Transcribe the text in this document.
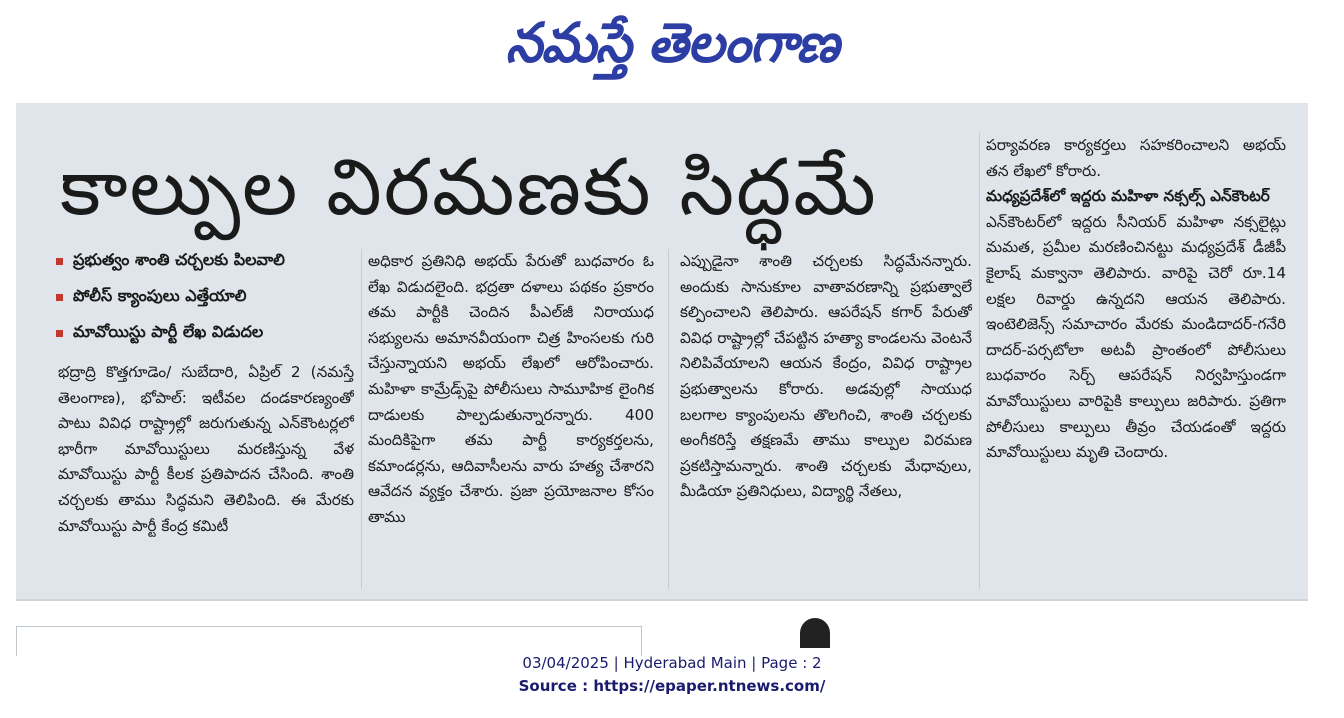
నమస్తే తెలంగాణ
కాల్పుల విరమణకు సిద్ధమే
ప్రభుత్వం శాంతి చర్చలకు పిలవాలి
పోలీస్ క్యాంపులు ఎత్తేయాలి
మావోయిస్టు పార్టీ లేఖ విడుదల

భద్రాద్రి కొత్తగూడెం/ సుబేదారి, ఏప్రిల్ 2 (నమస్తే తెలంగాణ), భోపాల్: ఇటీవల దండకారణ్యంతో పాటు వివిధ రాష్ట్రాల్లో జరుగుతున్న ఎన్‌కౌంటర్లలో భారీగా మావోయిస్టులు మరణిస్తున్న వేళ మావోయిస్టు పార్టీ కీలక ప్రతిపాదన చేసింది. శాంతి చర్చలకు తాము సిద్ధమని తెలిపింది. ఈ మేరకు మావోయిస్టు పార్టీ కేంద్ర కమిటీ

అధికార ప్రతినిధి అభయ్ పేరుతో బుధవారం ఓ లేఖ విడుదలైంది. భద్రతా దళాలు పథకం ప్రకారం తమ పార్టీకి చెందిన పీఎల్‌జీ నిరాయుధ సభ్యులను అమానవీయంగా చిత్ర హింసలకు గురి చేస్తున్నాయని అభయ్ లేఖలో ఆరోపించారు. మహిళా కామ్రేడ్స్‌పై పోలీసులు సామూహిక లైంగిక దాడులకు పాల్పడుతున్నారన్నారు. 400 మందికిపైగా తమ పార్టీ కార్యకర్తలను, కమాండర్లను, ఆదివాసీలను వారు హత్య చేశారని ఆవేదన వ్యక్తం చేశారు. ప్రజా ప్రయోజనాల కోసం తాము

ఎప్పుడైనా శాంతి చర్చలకు సిద్ధమేనన్నారు. అందుకు సానుకూల వాతావరణాన్ని ప్రభుత్వాలే కల్పించాలని తెలిపారు. ఆపరేషన్ కగార్ పేరుతో వివిధ రాష్ట్రాల్లో చేపట్టిన హత్యా కాండలను వెంటనే నిలిపివేయాలని ఆయన కేంద్రం, వివిధ రాష్ట్రాల ప్రభుత్వాలను కోరారు. అడవుల్లో సాయుధ బలగాల క్యాంపులను తొలగించి, శాంతి చర్చలకు అంగీకరిస్తే తక్షణమే తాము కాల్పుల విరమణ ప్రకటిస్తామన్నారు. శాంతి చర్చలకు మేధావులు, మీడియా ప్రతినిధులు, విద్యార్థి నేతలు,

పర్యావరణ కార్యకర్తలు సహకరించాలని అభయ్ తన లేఖలో కోరారు.

మధ్యప్రదేశ్‌లో ఇద్దరు మహిళా నక్సల్స్ ఎన్‌కౌంటర్

ఎన్‌కౌంటర్‌లో ఇద్దరు సీనియర్ మహిళా నక్సలైట్లు మమత, ప్రమీల మరణించినట్టు మధ్యప్రదేశ్ డీజీపీ కైలాష్ మక్వానా తెలిపారు. వారిపై చెరో రూ.14 లక్షల రివార్డు ఉన్నదని ఆయన తెలిపారు. ఇంటెలిజెన్స్ సమాచారం మేరకు మండిదాదర్-గనేరి దాదర్-పర్సటోలా అటవీ ప్రాంతంలో పోలీసులు బుధవారం సెర్చ్ ఆపరేషన్ నిర్వహిస్తుండగా మావోయిస్టులు వారిపైకి కాల్పులు జరిపారు. ప్రతిగా పోలీసులు కాల్పులు తీవ్రం చేయడంతో ఇద్దరు మావోయిస్టులు మృతి చెందారు.

03/04/2025 | Hyderabad Main | Page : 2
Source : https://epaper.ntnews.com/
